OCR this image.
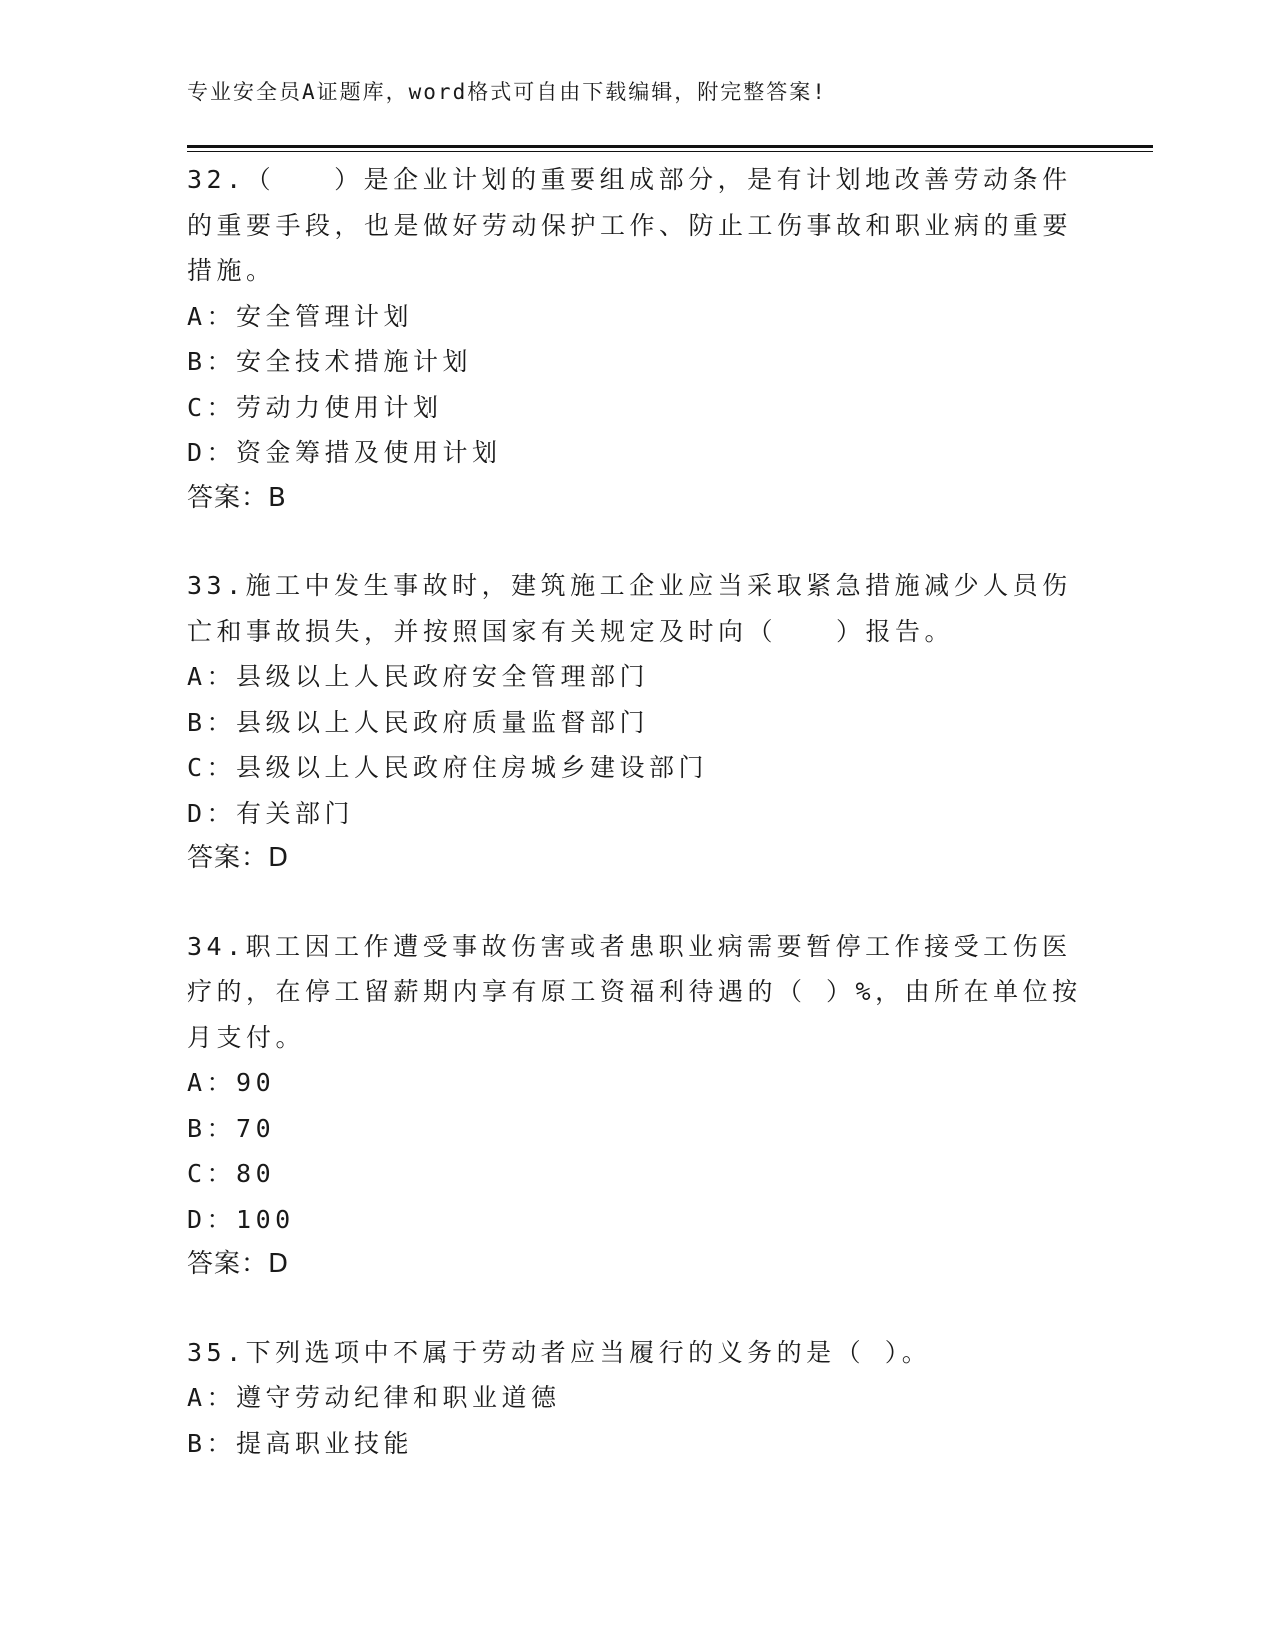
专业安全员A证题库，word格式可自由下载编辑，附完整答案!

32.（　　）是企业计划的重要组成部分，是有计划地改善劳动条件的重要手段，也是做好劳动保护工作、防止工伤事故和职业病的重要措施。

A：安全管理计划

B：安全技术措施计划

C：劳动力使用计划

D：资金筹措及使用计划

答案：B

33.施工中发生事故时，建筑施工企业应当采取紧急措施减少人员伤亡和事故损失，并按照国家有关规定及时向（　　）报告。

A：县级以上人民政府安全管理部门

B：县级以上人民政府质量监督部门

C：县级以上人民政府住房城乡建设部门

D：有关部门

答案：D

34.职工因工作遭受事故伤害或者患职业病需要暂停工作接受工伤医疗的，在停工留薪期内享有原工资福利待遇的（ ）%，由所在单位按月支付。

A：90

B：70

C：80

D：100

答案：D

35.下列选项中不属于劳动者应当履行的义务的是（ ）。

A：遵守劳动纪律和职业道德

B：提高职业技能
